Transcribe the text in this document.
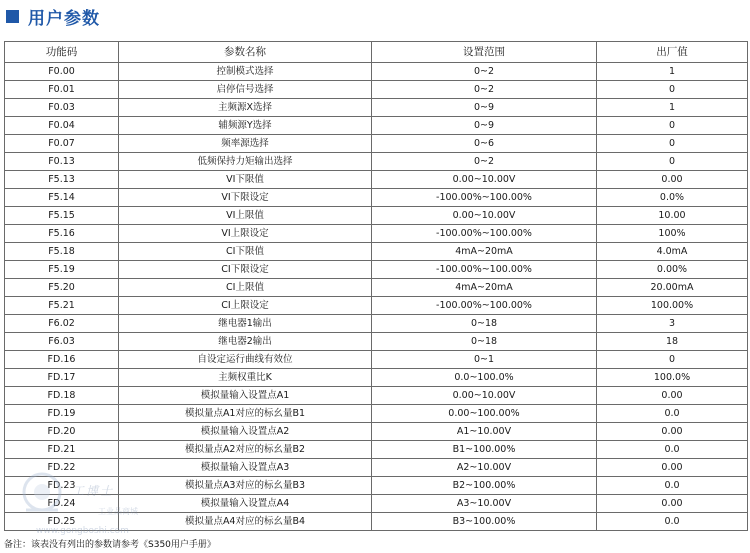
用户参数
功能码	参数名称	设置范围	出厂值
F0.00	控制模式选择	0~2	1
F0.01	启停信号选择	0~2	0
F0.03	主频源X选择	0~9	1
F0.04	辅频源Y选择	0~9	0
F0.07	频率源选择	0~6	0
F0.13	低频保持力矩输出选择	0~2	0
F5.13	VI下限值	0.00~10.00V	0.00
F5.14	VI下限设定	-100.00%~100.00%	0.0%
F5.15	VI上限值	0.00~10.00V	10.00
F5.16	VI上限设定	-100.00%~100.00%	100%
F5.18	CI下限值	4mA~20mA	4.0mA
F5.19	CI下限设定	-100.00%~100.00%	0.00%
F5.20	CI上限值	4mA~20mA	20.00mA
F5.21	CI上限设定	-100.00%~100.00%	100.00%
F6.02	继电器1输出	0~18	3
F6.03	继电器2输出	0~18	18
FD.16	自设定运行曲线有效位	0~1	0
FD.17	主频权重比K	0.0~100.0%	100.0%
FD.18	模拟量输入设置点A1	0.00~10.00V	0.00
FD.19	模拟量点A1对应的标幺量B1	0.00~100.00%	0.0
FD.20	模拟量输入设置点A2	A1~10.00V	0.00
FD.21	模拟量点A2对应的标幺量B2	B1~100.00%	0.0
FD.22	模拟量输入设置点A3	A2~10.00V	0.00
FD.23	模拟量点A3对应的标幺量B3	B2~100.00%	0.0
FD.24	模拟量输入设置点A4	A3~10.00V	0.00
FD.25	模拟量点A4对应的标幺量B4	B3~100.00%	0.0
工博士
工业品商城
www.gongboshi.com
备注：该表没有列出的参数请参考《S350用户手册》
